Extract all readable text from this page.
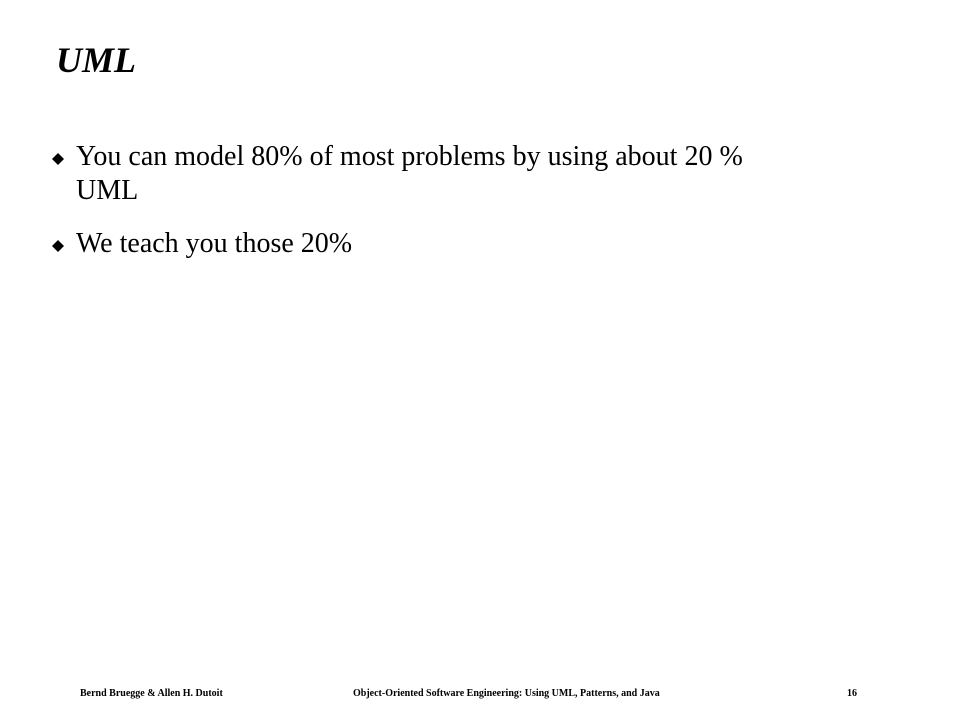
UML
You can model 80% of most problems by using about 20 %
UML
We teach you those 20%
Bernd Bruegge & Allen H. Dutoit	Object-Oriented Software Engineering: Using UML, Patterns, and Java	16
